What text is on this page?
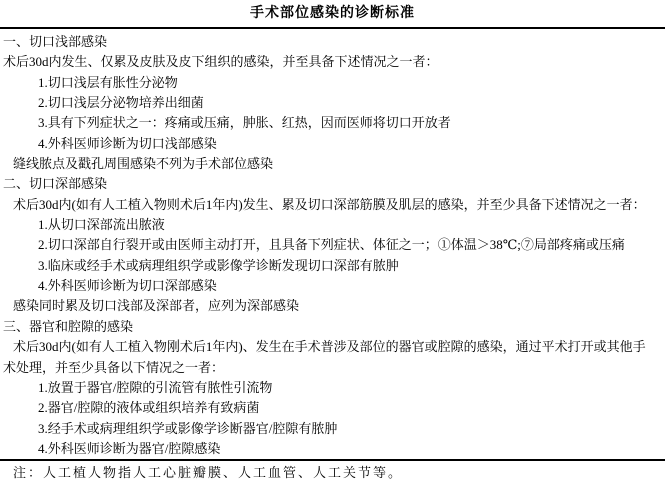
手术部位感染的诊断标准
一、切口浅部感染
术后30d内发生、仅累及皮肤及皮下组织的感染，并至具备下述情况之一者：
1.切口浅层有胀性分泌物
2.切口浅层分泌物培养出细菌
3.具有下列症状之一：疼痛或压痛，肿胀、红热，因而医师将切口开放者
4.外科医师诊断为切口浅部感染
缝线脓点及戳孔周围感染不列为手术部位感染
二、切口深部感染
术后30d内(如有人工植入物则术后1年内)发生、累及切口深部筋膜及肌层的感染，并至少具备下述情况之一者：
1.从切口深部流出脓液
2.切口深部自行裂开或由医师主动打开，且具备下列症状、体征之一；①体温＞38℃;⑦局部疼痛或压痛
3.临床或经手术或病理组织学或影像学诊断发现切口深部有脓肿
4.外科医师诊断为切口深部感染
感染同时累及切口浅部及深部者，应列为深部感染
三、器官和腔隙的感染
术后30d内(如有人工植入物刚术后1年内)、发生在手术普涉及部位的器官或腔隙的感染，通过平术打开或其他手
术处理，并至少具备以下情况之一者：
1.放置于器官/腔隙的引流管有脓性引流物
2.器官/腔隙的液体或组织培养有致病菌
3.经手术或病理组织学或影像学诊断器官/腔隙有脓肿
4.外科医师诊断为器官/腔隙感染
注：人工植人物指人工心脏瓣膜、人工血管、人工关节等。
